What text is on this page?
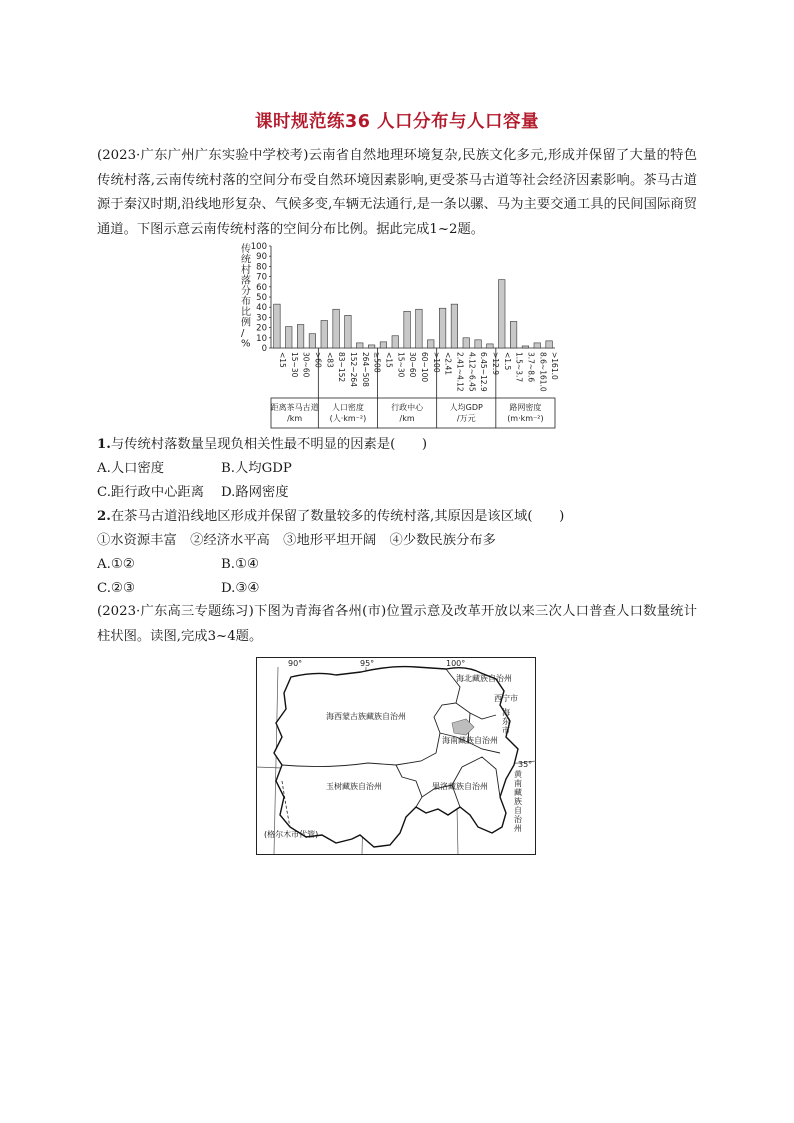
课时规范练36 人口分布与人口容量
(2023·广东广州广东实验中学校考)云南省自然地理环境复杂,民族文化多元,形成并保留了大量的特色传统村落,云南传统村落的空间分布受自然环境因素影响,更受茶马古道等社会经济因素影响。茶马古道源于秦汉时期,沿线地形复杂、气候多变,车辆无法通行,是一条以骡、马为主要交通工具的民间国际商贸通道。下图示意云南传统村落的空间分布比例。据此完成1~2题。
传统村落分布比例/ % 0
10
20
30
40
50
60
70
80
90
100
<15 15~30 30~60 >60 <83 83~152 152~264 264~508 ≥508 <15 15~30 30~60 60~100 >100 <2.41 2.41~4.12 4.12~6.45 6.45~12.9 >12.9 <1.5 1.5~3.7 3.7~8.6 8.6~161.0 >161.0
距离茶马古道
/km
人口密度
(人·km⁻²)
行政中心
/km
人均GDP
/万元
路网密度
(m·km⁻²)
1.与传统村落数量呈现负相关性最不明显的因素是(　　)
A.人口密度	B.人均GDP
C.距行政中心距离 D.路网密度
2.在茶马古道沿线地区形成并保留了数量较多的传统村落,其原因是该区域(　　)
①水资源丰富　②经济水平高　③地形平坦开阔　④少数民族分布多
A.①②	B.①④
C.②③	D.③④
(2023·广东高三专题练习)下图为青海省各州(市)位置示意及改革开放以来三次人口普查人口数量统计柱状图。读图,完成3~4题。
90°	95°	100°
35°
海西蒙古族藏族自治州
海北藏族自治州
西宁市
海南藏族自治州
玉树藏族自治州	果洛藏族自治州
(格尔木市代管)
海东市
黄南藏族自治州
